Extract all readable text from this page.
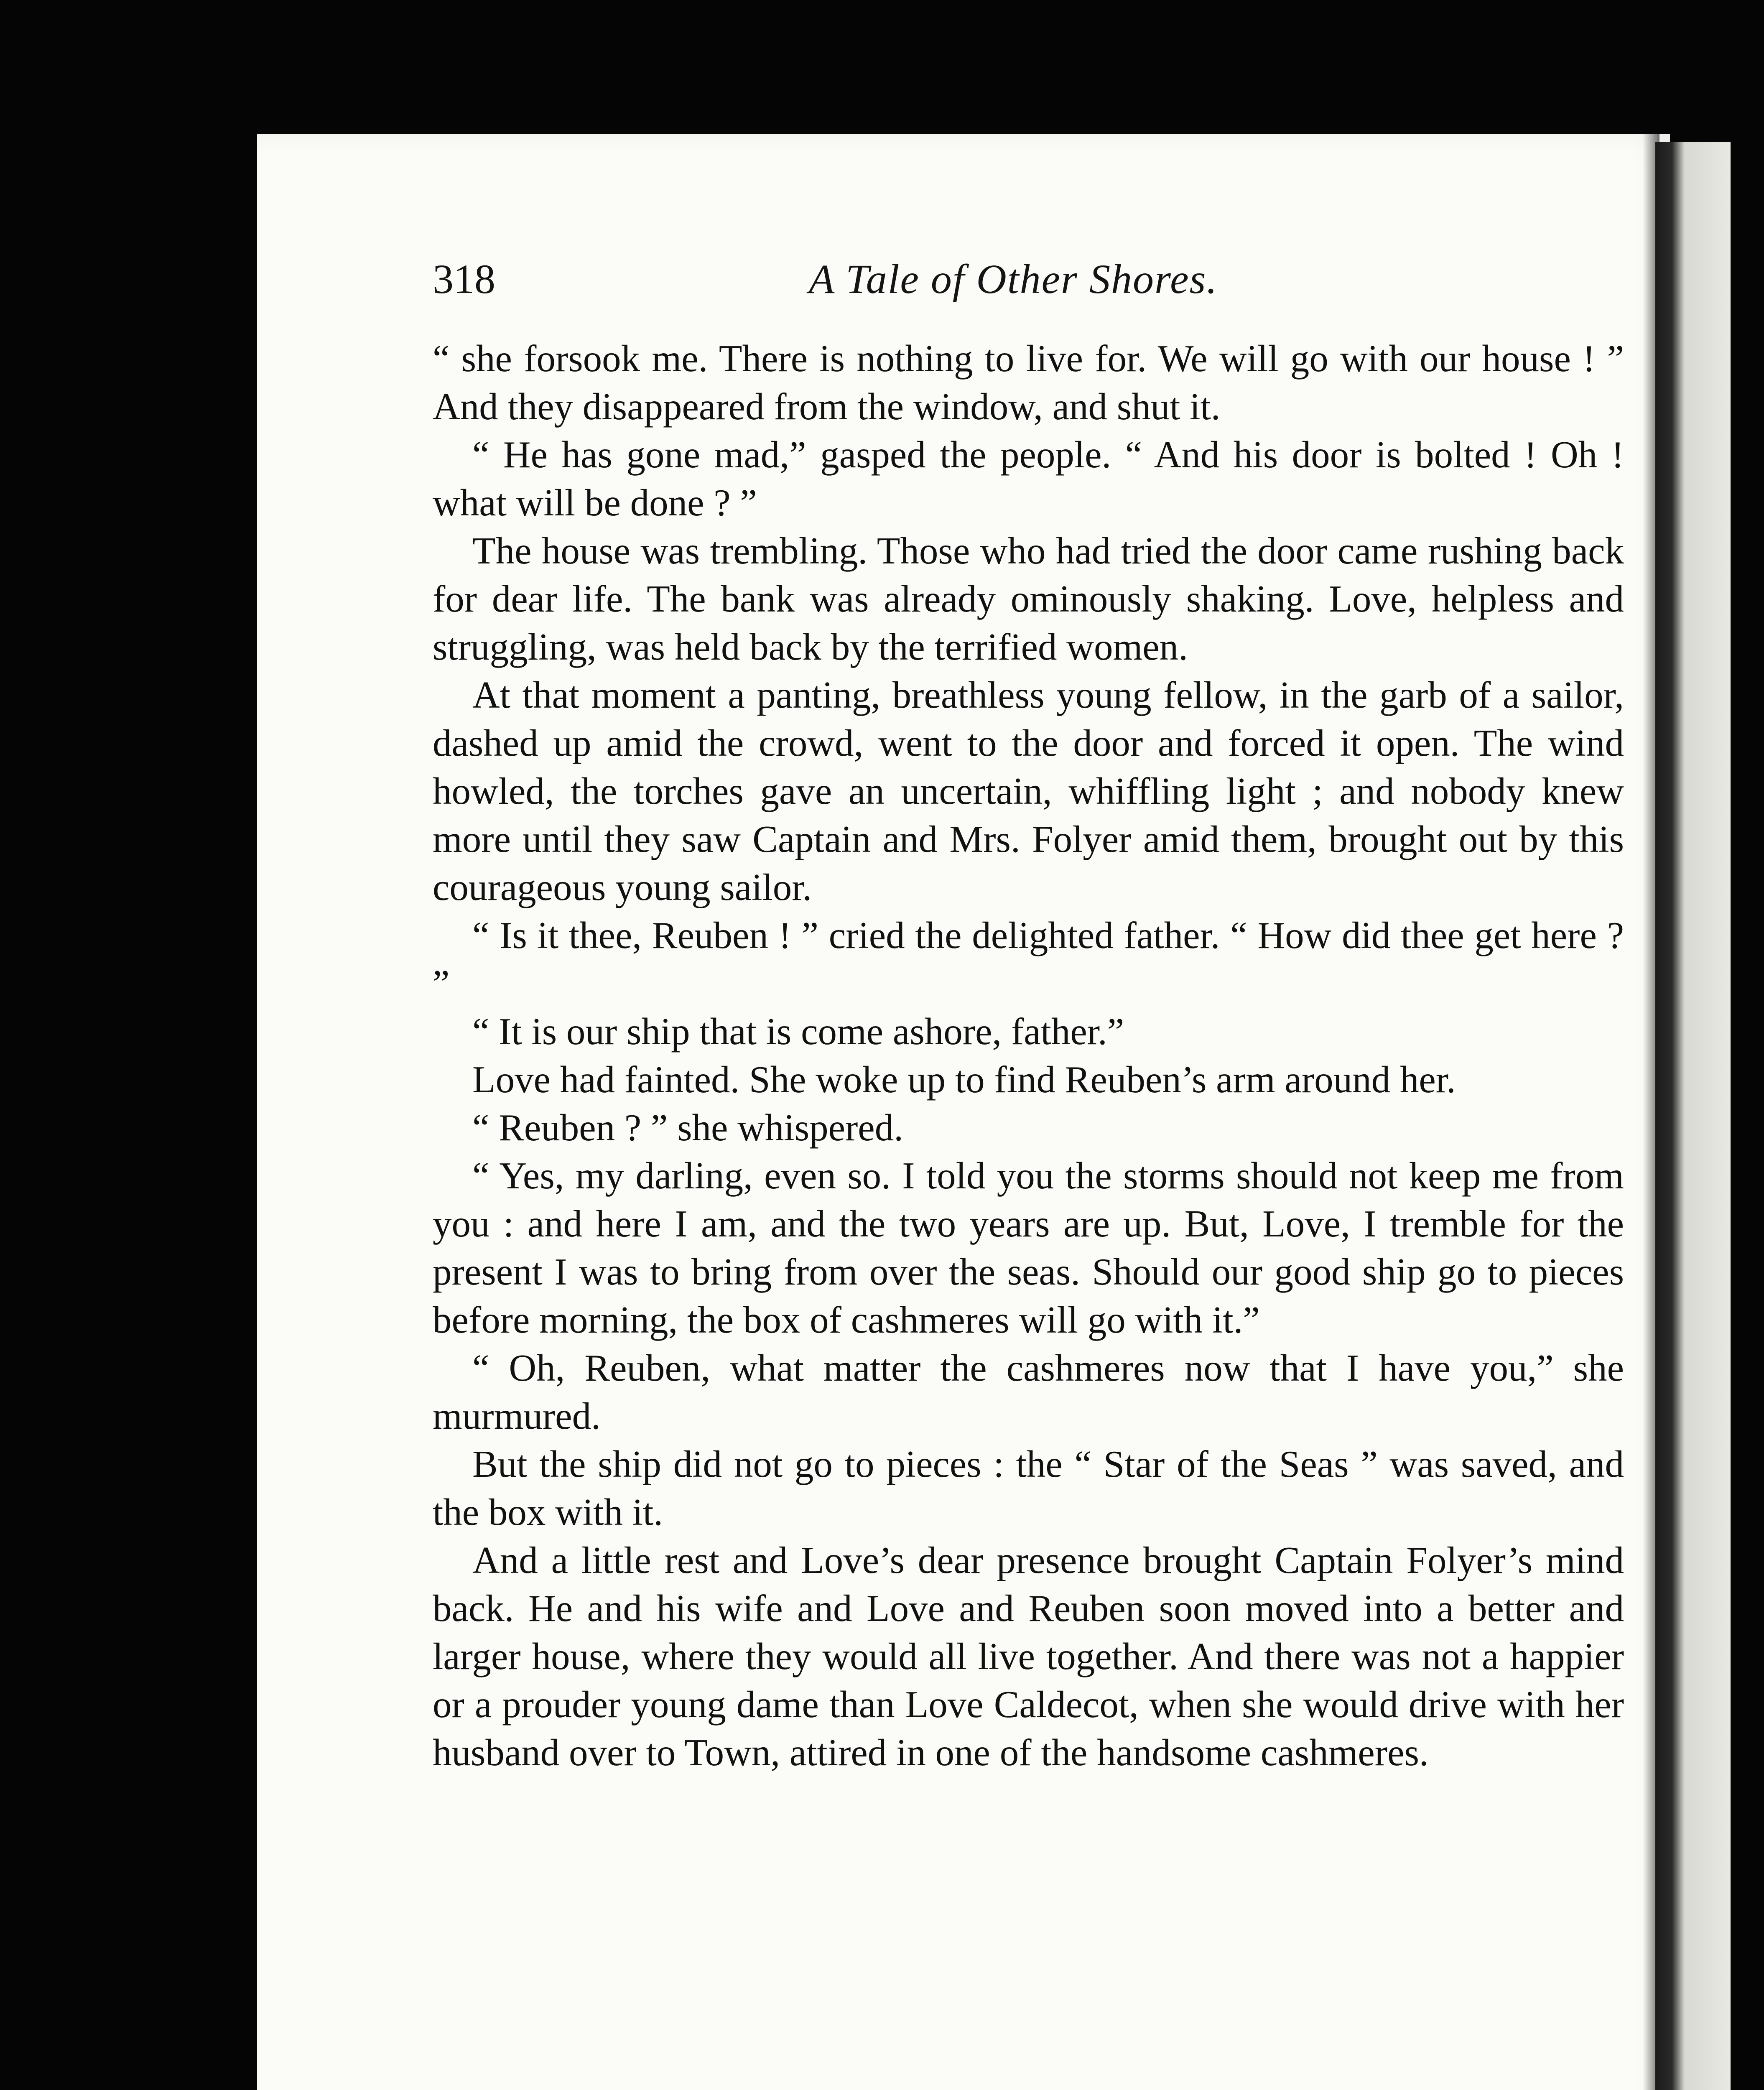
318	A Tale of Other Shores.

“ she forsook me. There is nothing to live for. We will go with our house ! ” And they disappeared from the window, and shut it.

“ He has gone mad,” gasped the people. “ And his door is bolted ! Oh ! what will be done ? ”

The house was trembling. Those who had tried the door came rushing back for dear life. The bank was already ominously shaking. Love, helpless and struggling, was held back by the terrified women.

At that moment a panting, breathless young fellow, in the garb of a sailor, dashed up amid the crowd, went to the door and forced it open. The wind howled, the torches gave an uncertain, whiffling light ; and nobody knew more until they saw Captain and Mrs. Folyer amid them, brought out by this courageous young sailor.

“ Is it thee, Reuben ! ” cried the delighted father. “ How did thee get here ? ”

“ It is our ship that is come ashore, father.”

Love had fainted. She woke up to find Reuben’s arm around her.

“ Reuben ? ” she whispered.

“ Yes, my darling, even so. I told you the storms should not keep me from you : and here I am, and the two years are up. But, Love, I tremble for the present I was to bring from over the seas. Should our good ship go to pieces before morning, the box of cashmeres will go with it.”

“ Oh, Reuben, what matter the cashmeres now that I have you,” she murmured.

But the ship did not go to pieces : the “ Star of the Seas ” was saved, and the box with it.

And a little rest and Love’s dear presence brought Captain Folyer’s mind back. He and his wife and Love and Reuben soon moved into a better and larger house, where they would all live together. And there was not a happier or a prouder young dame than Love Caldecot, when she would drive with her husband over to Town, attired in one of the handsome cashmeres.
